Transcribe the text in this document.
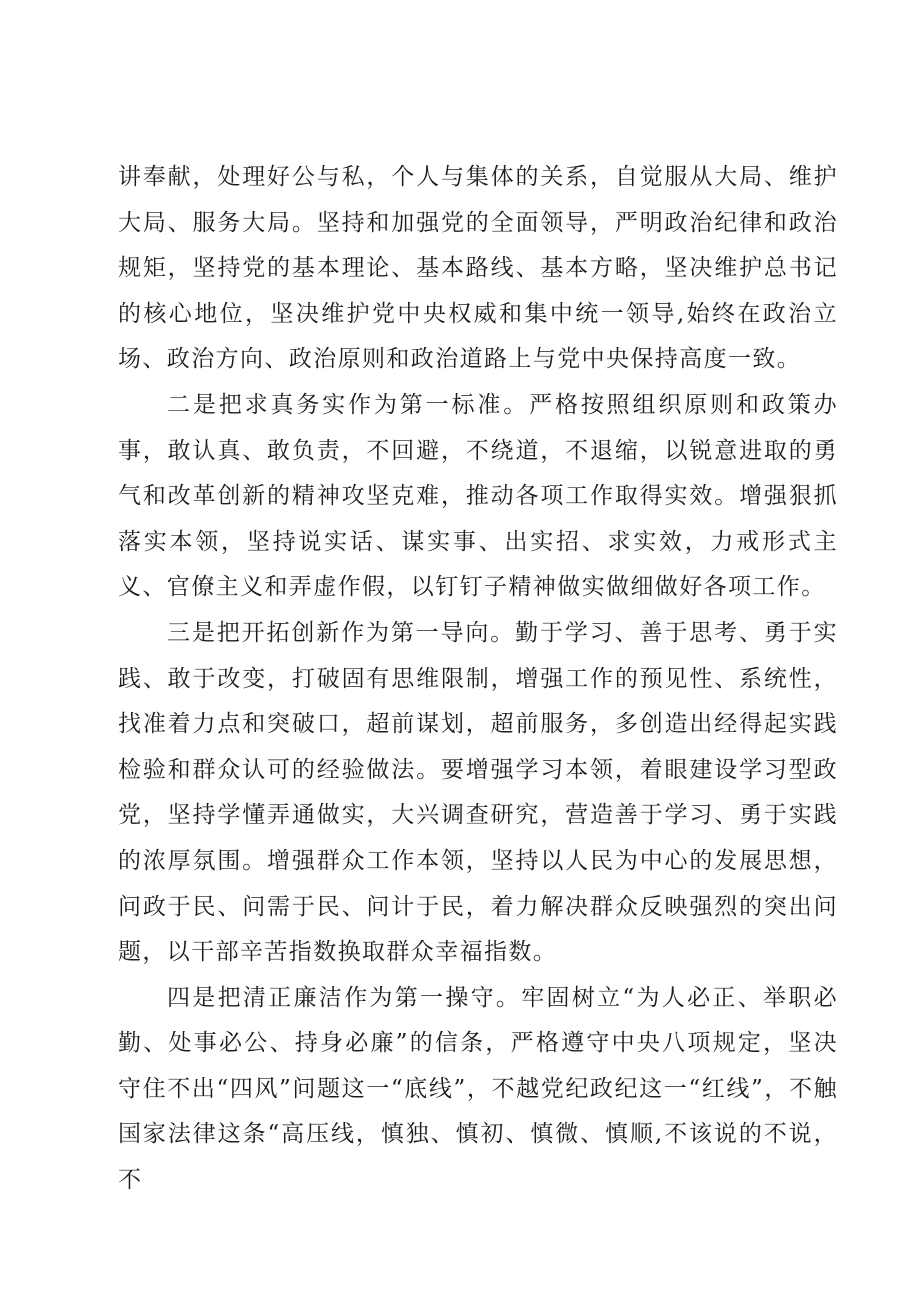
讲奉献，处理好公与私，个人与集体的关系，自觉服从大局、维护大局、服务大局。坚持和加强党的全面领导，严明政治纪律和政治规矩，坚持党的基本理论、基本路线、基本方略，坚决维护总书记的核心地位，坚决维护党中央权威和集中统一领导,始终在政治立场、政治方向、政治原则和政治道路上与党中央保持高度一致。

二是把求真务实作为第一标准。严格按照组织原则和政策办事，敢认真、敢负责，不回避，不绕道，不退缩，以锐意进取的勇气和改革创新的精神攻坚克难，推动各项工作取得实效。增强狠抓落实本领，坚持说实话、谋实事、出实招、求实效，力戒形式主义、官僚主义和弄虚作假，以钉钉子精神做实做细做好各项工作。

三是把开拓创新作为第一导向。勤于学习、善于思考、勇于实践、敢于改变，打破固有思维限制，增强工作的预见性、系统性，找准着力点和突破口，超前谋划，超前服务，多创造出经得起实践检验和群众认可的经验做法。要增强学习本领，着眼建设学习型政党，坚持学懂弄通做实，大兴调查研究，营造善于学习、勇于实践的浓厚氛围。增强群众工作本领，坚持以人民为中心的发展思想，问政于民、问需于民、问计于民，着力解决群众反映强烈的突出问题，以干部辛苦指数换取群众幸福指数。

四是把清正廉洁作为第一操守。牢固树立“为人必正、举职必勤、处事必公、持身必廉”的信条，严格遵守中央八项规定，坚决守住不出“四风”问题这一“底线”，不越党纪政纪这一“红线”，不触国家法律这条“高压线，慎独、慎初、慎微、慎顺,不该说的不说，不
